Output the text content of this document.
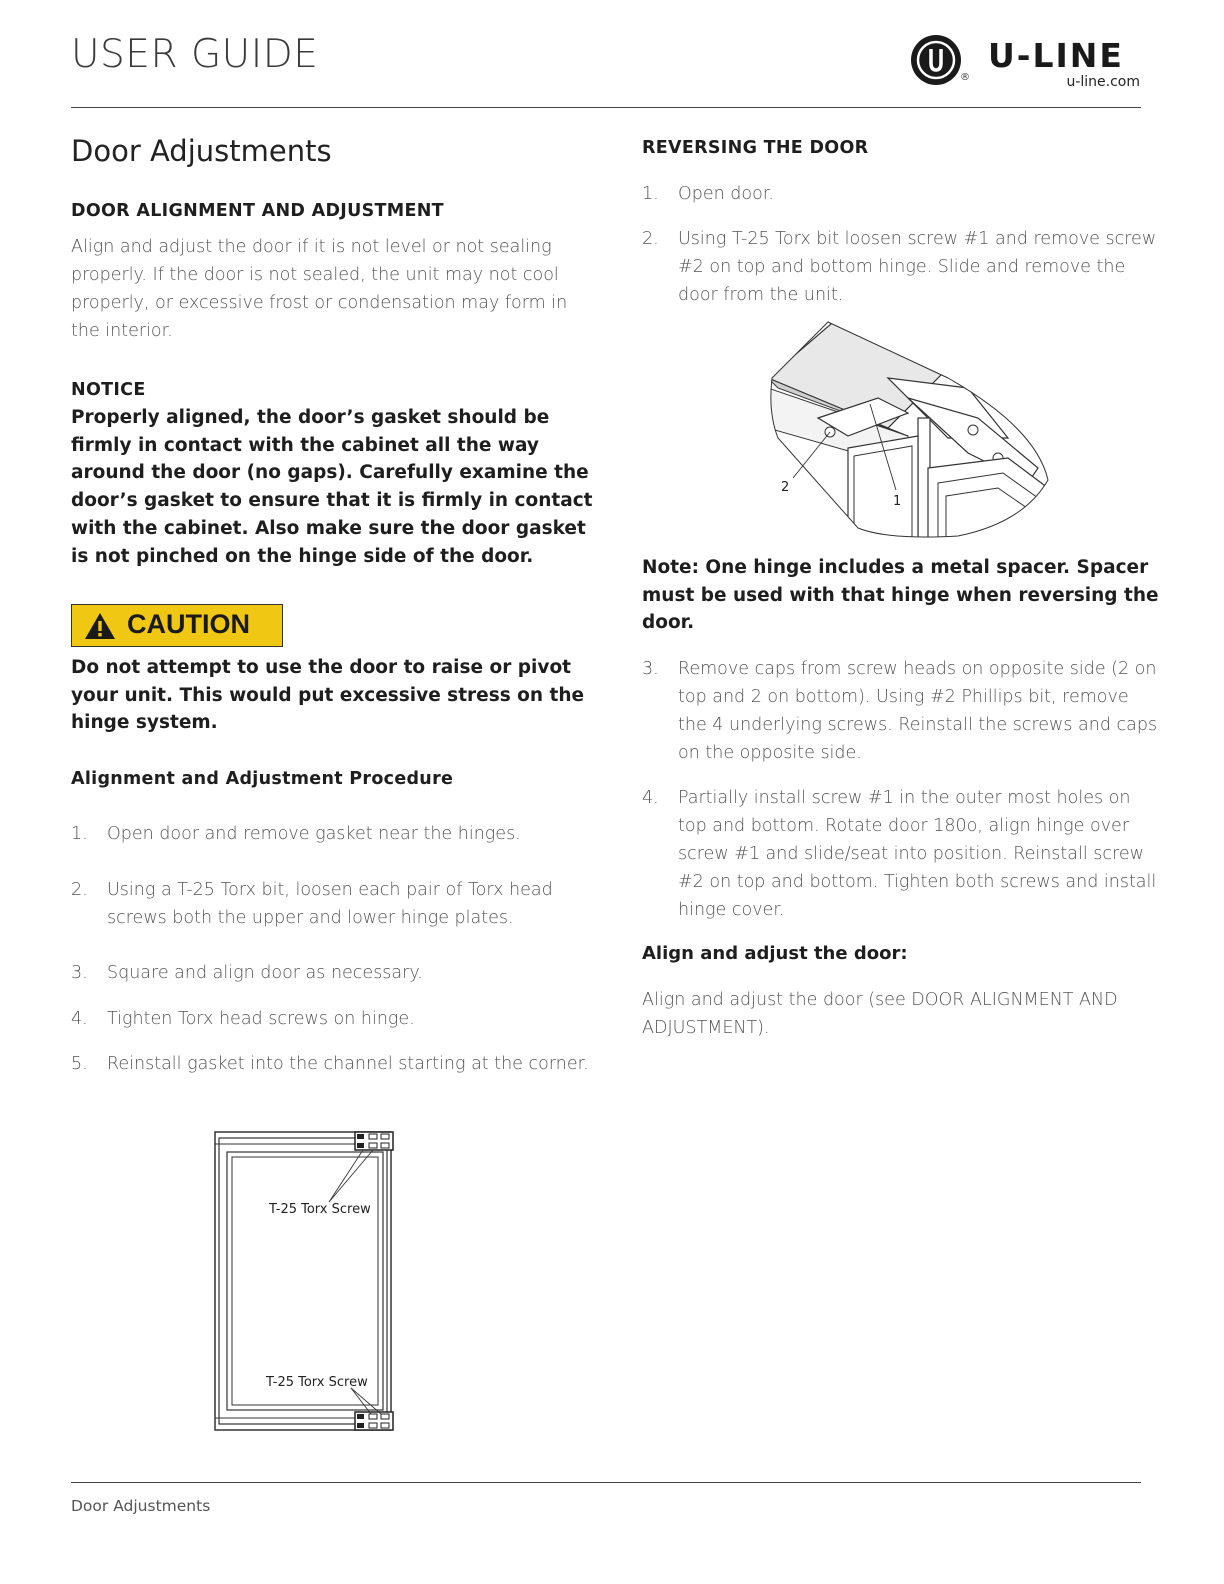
USER GUIDE
®
U-LINE
u-line.com
Door Adjustments
DOOR ALIGNMENT AND ADJUSTMENT
Align and adjust the door if it is not level or not sealing
properly. If the door is not sealed, the unit may not cool
properly, or excessive frost or condensation may form in
the interior.
NOTICE
Properly aligned, the door’s gasket should be
firmly in contact with the cabinet all the way
around the door (no gaps). Carefully examine the
door’s gasket to ensure that it is firmly in contact
with the cabinet. Also make sure the door gasket
is not pinched on the hinge side of the door.
CAUTION
Do not attempt to use the door to raise or pivot
your unit. This would put excessive stress on the
hinge system.
Alignment and Adjustment Procedure
1. Open door and remove gasket near the hinges.
2. Using a T-25 Torx bit, loosen each pair of Torx head
screws both the upper and lower hinge plates.
3. Square and align door as necessary.
4. Tighten Torx head screws on hinge.
5. Reinstall gasket into the channel starting at the corner.
T-25 Torx Screw
T-25 Torx Screw
REVERSING THE DOOR
1. Open door.
2. Using T-25 Torx bit loosen screw #1 and remove screw
#2 on top and bottom hinge. Slide and remove the
door from the unit.
2
1
Note: One hinge includes a metal spacer. Spacer
must be used with that hinge when reversing the
door.
3. Remove caps from screw heads on opposite side (2 on
top and 2 on bottom). Using #2 Phillips bit, remove
the 4 underlying screws. Reinstall the screws and caps
on the opposite side.
4. Partially install screw #1 in the outer most holes on
top and bottom. Rotate door 180o, align hinge over
screw #1 and slide/seat into position. Reinstall screw
#2 on top and bottom. Tighten both screws and install
hinge cover.
Align and adjust the door:
Align and adjust the door (see DOOR ALIGNMENT AND
ADJUSTMENT).
Door Adjustments
